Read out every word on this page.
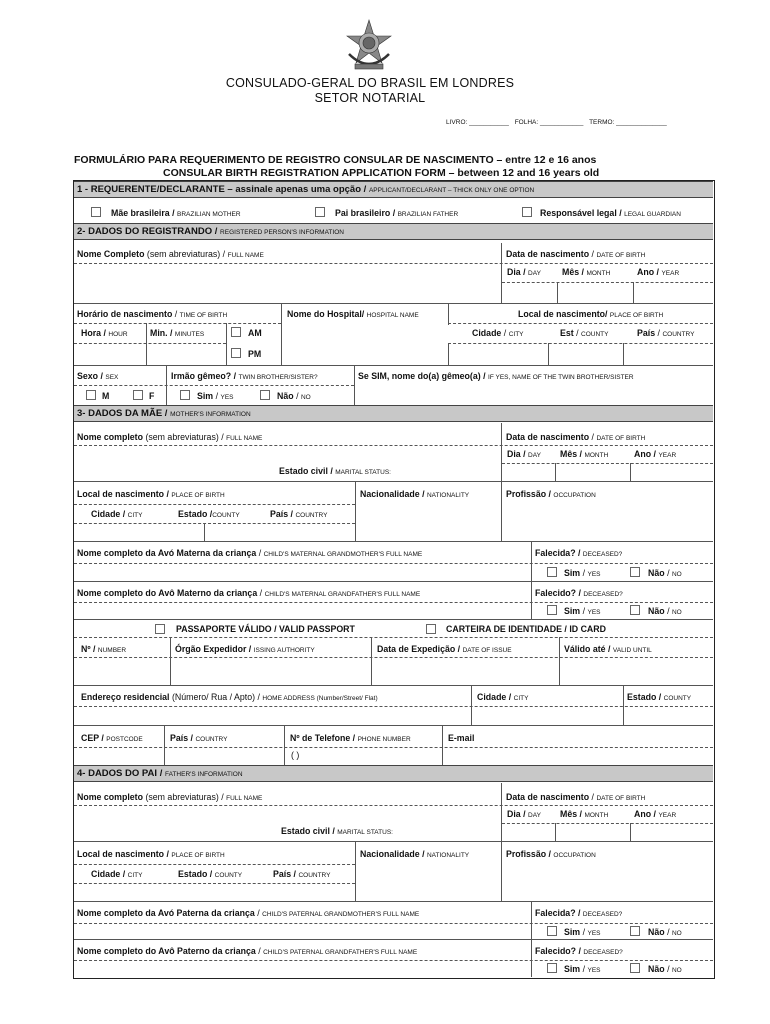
CONSULADO-GERAL DO BRASIL EM LONDRES
SETOR NOTARIAL
LIVRO: ___________ FOLHA: ____________ TERMO: ______________
FORMULÁRIO PARA REQUERIMENTO DE REGISTRO CONSULAR DE NASCIMENTO – entre 12 e 16 anos
CONSULAR BIRTH REGISTRATION APPLICATION FORM – between 12 and 16 years old
1 - REQUERENTE/DECLARANTE – assinale apenas uma opção / APPLICANT/DECLARANT – THICK ONLY ONE OPTION
Mãe brasileira / BRAZILIAN MOTHER	Pai brasileiro / BRAZILIAN FATHER	Responsável legal / LEGAL GUARDIAN
2- DADOS DO REGISTRANDO / REGISTERED PERSON'S INFORMATION
Nome Completo (sem abreviaturas) / FULL NAME	Data de nascimento / DATE OF BIRTH
Dia / DAY Mês / MONTH	Ano / YEAR
Horário de nascimento / TIME OF BIRTH	Nome do Hospital/ HOSPITAL NAME	Local de nascimento/ PLACE OF BIRTH
Hora / HOUR	Min. / MINUTES	AM	Cidade / CITY	Est / COUNTY	País / COUNTRY
PM
Sexo / SEX	Irmão gêmeo? / TWIN BROTHER/SISTER?	Se SIM, nome do(a) gêmeo(a) / IF YES, NAME OF THE TWIN BROTHER/SISTER
M	F	Sim / YES	Não / NO
3- DADOS DA MÃE / MOTHER'S INFORMATION
Nome completo (sem abreviaturas) / FULL NAME	Data de nascimento / DATE OF BIRTH
Dia / DAY Mês / MONTH	Ano / YEAR
Estado civil / MARITAL STATUS:
Local de nascimento / PLACE OF BIRTH	Nacionalidade / NATIONALITY	Profissão / OCCUPATION
Cidade / CITY	Estado /COUNTY	País / COUNTRY
Nome completo da Avó Materna da criança / CHILD'S MATERNAL GRANDMOTHER'S FULL NAME	Falecida? / DECEASED?
Sim / YES	Não / NO
Nome completo do Avô Materno da criança / CHILD'S MATERNAL GRANDFATHER'S FULL NAME	Falecido? / DECEASED?
Sim / YES	Não / NO
PASSAPORTE VÁLIDO / VALID PASSPORT	CARTEIRA DE IDENTIDADE / ID CARD
Nº / NUMBER	Órgão Expedidor / ISSING AUTHORITY	Data de Expedição / DATE OF ISSUE	Válido até / VALID UNTIL
Endereço residencial (Número/ Rua / Apto) / HOME ADDRESS (Number/Street/ Flat)	Cidade / CITY	Estado / COUNTY
CEP / POSTCODE	País / COUNTRY	Nº de Telefone / PHONE NUMBER	E-mail
( )
4- DADOS DO PAI / FATHER'S INFORMATION
Nome completo (sem abreviaturas) / FULL NAME	Data de nascimento / DATE OF BIRTH
Dia / DAY Mês / MONTH	Ano / YEAR
Estado civil / MARITAL STATUS:
Local de nascimento / PLACE OF BIRTH	Nacionalidade / NATIONALITY	Profissão / OCCUPATION
Cidade / CITY	Estado / COUNTY	País / COUNTRY
Nome completo da Avó Paterna da criança / CHILD'S PATERNAL GRANDMOTHER'S FULL NAME	Falecida? / DECEASED?
Sim / YES	Não / NO
Nome completo do Avô Paterno da criança / CHILD'S PATERNAL GRANDFATHER'S FULL NAME	Falecido? / DECEASED?
Sim / YES	Não / NO
